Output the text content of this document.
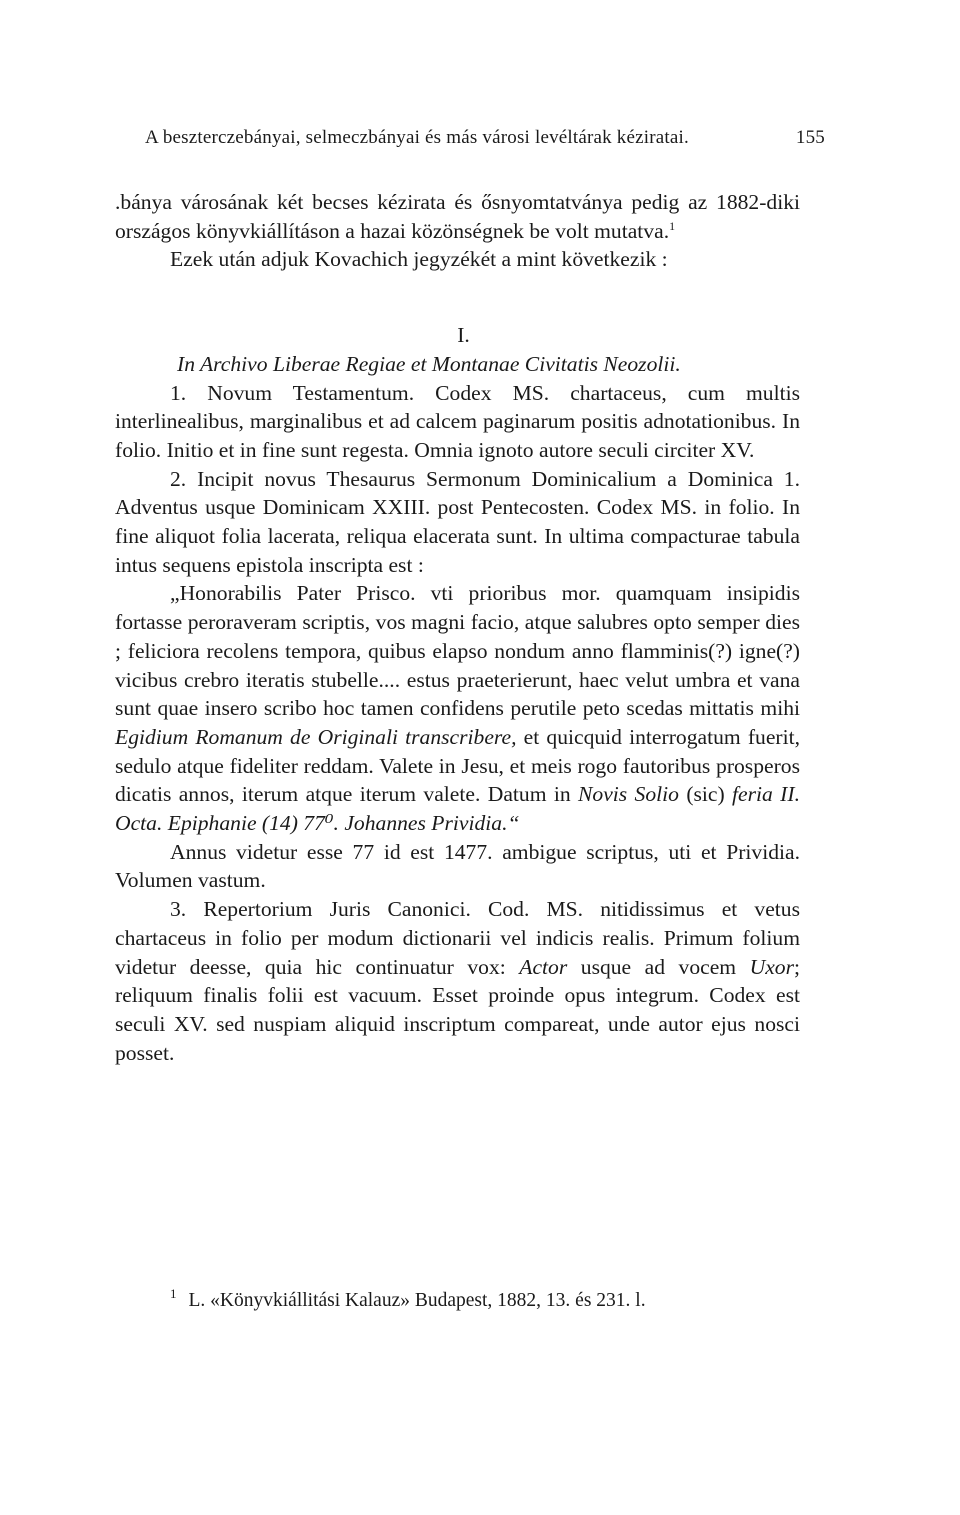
A beszterczebányai, selmeczbányai és más városi levéltárak kéziratai.	155

.bánya városának két becses kézirata és ősnyomtatványa pedig az 1882-diki országos könyvkiállításon a hazai közönségnek be volt mutatva.$^1$

Ezek után adjuk Kovachich jegyzékét a mint következik :

I.

In Archivo Liberae Regiae et Montanae Civitatis Neozolii.

1. Novum Testamentum. Codex MS. chartaceus, cum multis interlinealibus, marginalibus et ad calcem paginarum positis adnotationibus. In folio. Initio et in fine sunt regesta. Omnia ignoto autore seculi circiter XV.

2. Incipit novus Thesaurus Sermonum Dominicalium a Dominica 1. Adventus usque Dominicam XXIII. post Pentecosten. Codex MS. in folio. In fine aliquot folia lacerata, reliqua elacerata sunt. In ultima compacturae tabula intus sequens epistola inscripta est :

„Honorabilis Pater Prisco. vti prioribus mor. quamquam insipidis fortasse peroraveram scriptis, vos magni facio, atque salubres opto semper dies ; feliciora recolens tempora, quibus elapso nondum anno flamminis(?) igne(?) vicibus crebro iteratis stubelle.... estus praeterierunt, haec velut umbra et vana sunt quae insero scribo hoc tamen confidens perutile peto scedas mittatis mihi Egidium Romanum de Originali transcribere, et quicquid interrogatum fuerit, sedulo atque fideliter reddam. Valete in Jesu, et meis rogo fautoribus prosperos dicatis annos, iterum atque iterum valete. Datum in Novis Solio (sic) feria II. Octa. Epiphanie (14) 77⁰. Johannes Prividia.“

Annus videtur esse 77 id est 1477. ambigue scriptus, uti et Prividia. Volumen vastum.

3. Repertorium Juris Canonici. Cod. MS. nitidissimus et vetus chartaceus in folio per modum dictionarii vel indicis realis. Primum folium videtur deesse, quia hic continuatur vox: Actor usque ad vocem Uxor; reliquum finalis folii est vacuum. Esset proinde opus integrum. Codex est seculi XV. sed nuspiam aliquid inscriptum compareat, unde autor ejus nosci posset.

$^1$ L. «Könyvkiállitási Kalauz» Budapest, 1882, 13. és 231. l.
